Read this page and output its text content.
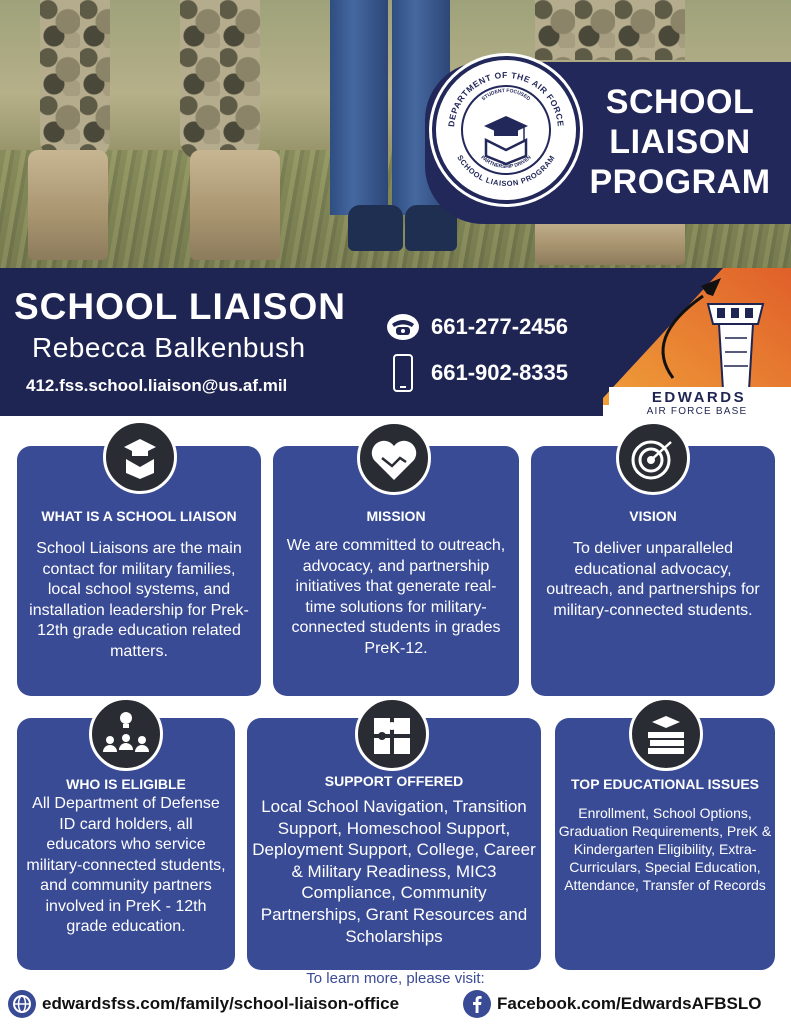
DEPARTMENT OF THE AIR FORCE
SCHOOL LIAISON PROGRAM
STUDENT FOCUSED
PARTNERSHIP DRIVEN
SCHOOL
LIAISON
PROGRAM
SCHOOL LIAISON
Rebecca Balkenbush
412.fss.school.liaison@us.af.mil
661-277-2456
661-902-8335
EDWARDS
AIR FORCE BASE
WHAT IS A SCHOOL LIAISON
School Liaisons are the main contact for military families, local school systems, and installation leadership for Prek-12th grade education related matters.
MISSION
We are committed to outreach, advocacy, and partnership initiatives that generate real-time solutions for military-connected students in grades PreK-12.
VISION
To deliver unparalleled educational advocacy, outreach, and partnerships for military-connected students.
WHO IS ELIGIBLE
All Department of Defense ID card holders, all educators who service military-connected students, and community partners involved in PreK - 12th grade education.
SUPPORT OFFERED
Local School Navigation, Transition Support, Homeschool Support, Deployment Support, College, Career & Military Readiness, MIC3 Compliance, Community Partnerships, Grant Resources and Scholarships
TOP EDUCATIONAL ISSUES
Enrollment, School Options, Graduation Requirements, PreK & Kindergarten Eligibility, Extra-Curriculars, Special Education, Attendance, Transfer of Records
To learn more, please visit:
edwardsfss.com/family/school-liaison-office	Facebook.com/EdwardsAFBSLO
